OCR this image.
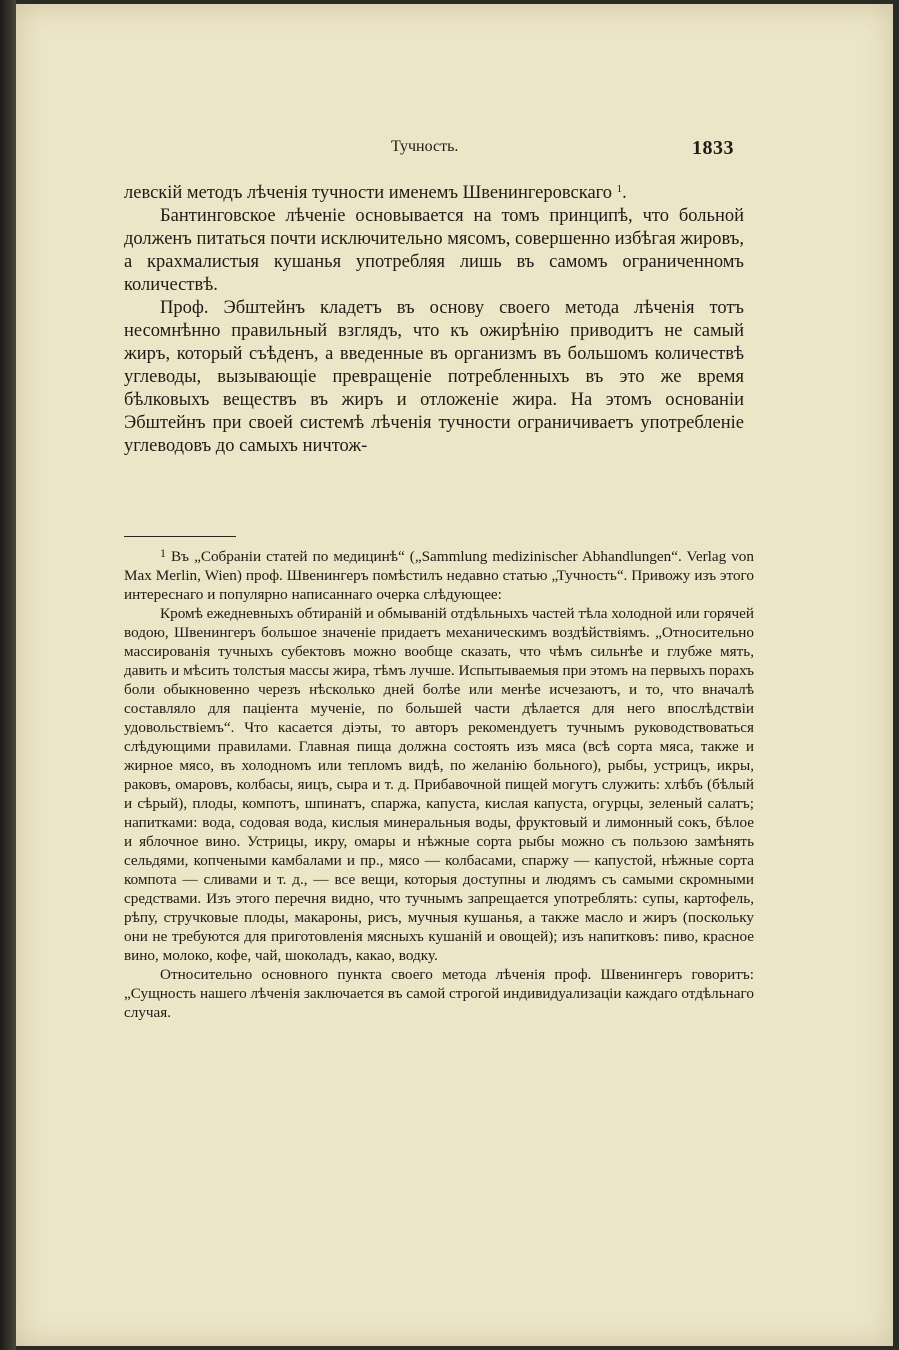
Тучность.	1833

левскій методъ лѣченія тучности именемъ Швенингеровскаго $^1$.

Бантинговское лѣченіе основывается на томъ принципѣ, что больной долженъ питаться почти исключительно мясомъ, совершенно избѣгая жировъ, а крахмалистыя кушанья употребляя лишь въ самомъ ограниченномъ количествѣ.

Проф. Эбштейнъ кладетъ въ основу своего метода лѣченія тотъ несомнѣнно правильный взглядъ, что къ ожирѣнію приводитъ не самый жиръ, который съѣденъ, а введенные въ организмъ въ большомъ количествѣ углеводы, вызывающіе превращеніе потребленныхъ въ это же время бѣлковыхъ веществъ въ жиръ и отложеніе жира. На этомъ основаніи Эбштейнъ при своей системѣ лѣченія тучности ограничиваетъ употребленіе углеводовъ до самыхъ ничтож-

$^1$ Въ „Собраніи статей по медицинѣ“ („Sammlung medizinischer Abhandlungen“. Verlag von Max Merlin, Wien) проф. Швенингеръ помѣстилъ недавно статью „Тучность“. Привожу изъ этого интереснаго и популярно написаннаго очерка слѣдующее:

Кромѣ ежедневныхъ обтираній и обмываній отдѣльныхъ частей тѣла холодной или горячей водою, Швенингеръ большое значеніе придаетъ механическимъ воздѣйствіямъ. „Относительно массированія тучныхъ субектовъ можно вообще сказать, что чѣмъ сильнѣе и глубже мять, давить и мѣсить толстыя массы жира, тѣмъ лучше. Испытываемыя при этомъ на первыхъ порахъ боли обыкновенно черезъ нѣсколько дней болѣе или менѣе исчезаютъ, и то, что вначалѣ составляло для паціента мученіе, по большей части дѣлается для него впослѣдствіи удовольствіемъ“. Что касается діэты, то авторъ рекомендуетъ тучнымъ руководствоваться слѣдующими правилами. Главная пища должна состоять изъ мяса (всѣ сорта мяса, также и жирное мясо, въ холодномъ или тепломъ видѣ, по желанію больного), рыбы, устрицъ, икры, раковъ, омаровъ, колбасы, яицъ, сыра и т. д. Прибавочной пищей могутъ служить: хлѣбъ (бѣлый и сѣрый), плоды, компотъ, шпинатъ, спаржа, капуста, кислая капуста, огурцы, зеленый салатъ; напитками: вода, содовая вода, кислыя минеральныя воды, фруктовый и лимонный сокъ, бѣлое и яблочное вино. Устрицы, икру, омары и нѣжные сорта рыбы можно съ пользою замѣнять сельдями, копчеными камбалами и пр., мясо — колбасами, спаржу — капустой, нѣжные сорта компота — сливами и т. д., — все вещи, которыя доступны и людямъ съ самыми скромными средствами. Изъ этого перечня видно, что тучнымъ запрещается употреблять: супы, картофель, рѣпу, стручковые плоды, макароны, рисъ, мучныя кушанья, а также масло и жиръ (поскольку они не требуются для приготовленія мясныхъ кушаній и овощей); изъ напитковъ: пиво, красное вино, молоко, кофе, чай, шоколадъ, какао, водку.

Относительно основного пункта своего метода лѣченія проф. Швенингеръ говоритъ: „Сущность нашего лѣченія заключается въ самой строгой индивидуализаціи каждаго отдѣльнаго случая.
